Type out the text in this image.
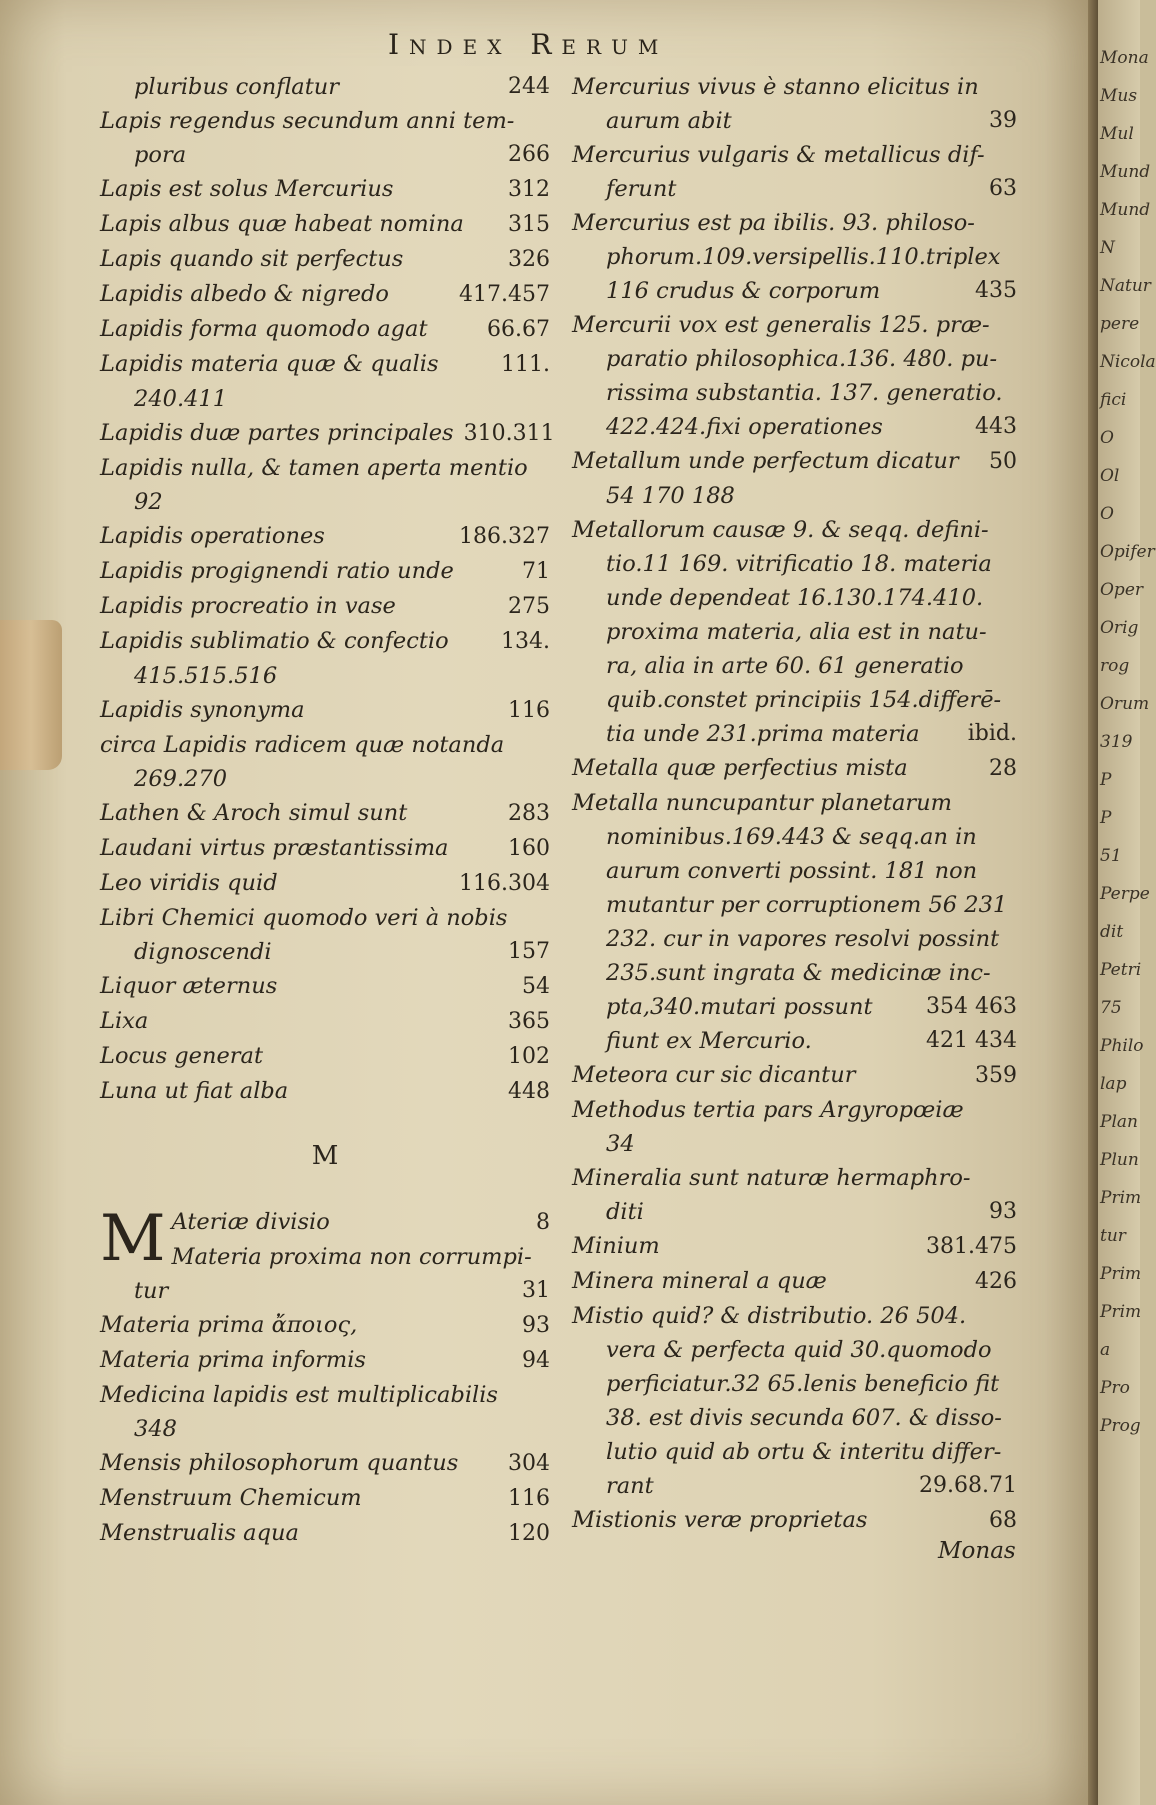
Index Rerum
pluribus conflatur	244
Lapis regendus secundum anni tem-
pora	266
Lapis est solus Mercurius	312
Lapis albus quæ habeat nomina	315
Lapis quando sit perfectus	326
Lapidis albedo & nigredo	417.457
Lapidis forma quomodo agat	66.67
Lapidis materia quæ & qualis	111.
240.411
Lapidis duæ partes principales 310.311
Lapidis nulla, & tamen aperta mentio
92
Lapidis operationes	186.327
Lapidis progignendi ratio unde	71
Lapidis procreatio in vase	275
Lapidis sublimatio & confectio	134.
415.515.516
Lapidis synonyma	116
circa Lapidis radicem quæ notanda
269.270
Lathen & Aroch simul sunt	283
Laudani virtus præstantissima	160
Leo viridis quid	116.304
Libri Chemici quomodo veri à nobis
dignoscendi	157
Liquor æternus	54
Lixa	365
Locus generat	102
Luna ut fiat alba	448
M
M Ateriæ divisio	8
Materia proxima non corrumpi-
tur	31
Materia prima ἄποιος,	93
Materia prima informis	94
Medicina lapidis est multiplicabilis
348
Mensis philosophorum quantus	304
Menstruum Chemicum	116
Menstrualis aqua	120
Mercurius vivus è stanno elicitus in
aurum abit	39
Mercurius vulgaris & metallicus dif-
ferunt	63
Mercurius est pa ibilis. 93. philoso-
phorum.109.versipellis.110.triplex
116 crudus & corporum	435
Mercurii vox est generalis 125. præ-
paratio philosophica.136. 480. pu-
rissima substantia. 137. generatio.
422.424.fixi operationes	443
Metallum unde perfectum dicatur	50
54 170 188
Metallorum causæ 9. & seqq. defini-
tio.11 169. vitrificatio 18. materia
unde dependeat 16.130.174.410.
proxima materia, alia est in natu-
ra, alia in arte 60. 61 generatio
quib.constet principiis 154.differē-
tia unde 231.prima materia ibid.
Metalla quæ perfectius mista	28
Metalla nuncupantur planetarum
nominibus.169.443 & seqq.an in
aurum converti possint. 181 non
mutantur per corruptionem 56 231
232. cur in vapores resolvi possint
235.sunt ingrata & medicinæ inc-
pta,340.mutari possunt 354 463
fiunt ex Mercurio.	421 434
Meteora cur sic dicantur	359
Methodus tertia pars Argyropœiæ
34
Mineralia sunt naturæ hermaphro-
diti	93
Minium	381.475
Minera mineral a quæ	426
Mistio quid? & distributio. 26 504.
vera & perfecta quid 30.quomodo
perficiatur.32 65.lenis beneficio fit
38. est divis secunda 607. & disso-
lutio quid ab ortu & interitu differ-
rant	29.68.71
Mistionis veræ proprietas	68
Monas
Mona
Mus
Mul
Mund
Mund
N
Natur
pere
Nicola
fici
O
Ol
O
Opifer
Oper
Orig
rog
Orum
319
P
P
51
Perpe
dit
Petri
75
Philo
lap
Plan
Plun
Prim
tur
Prim
Prim
a
Pro
Prog
